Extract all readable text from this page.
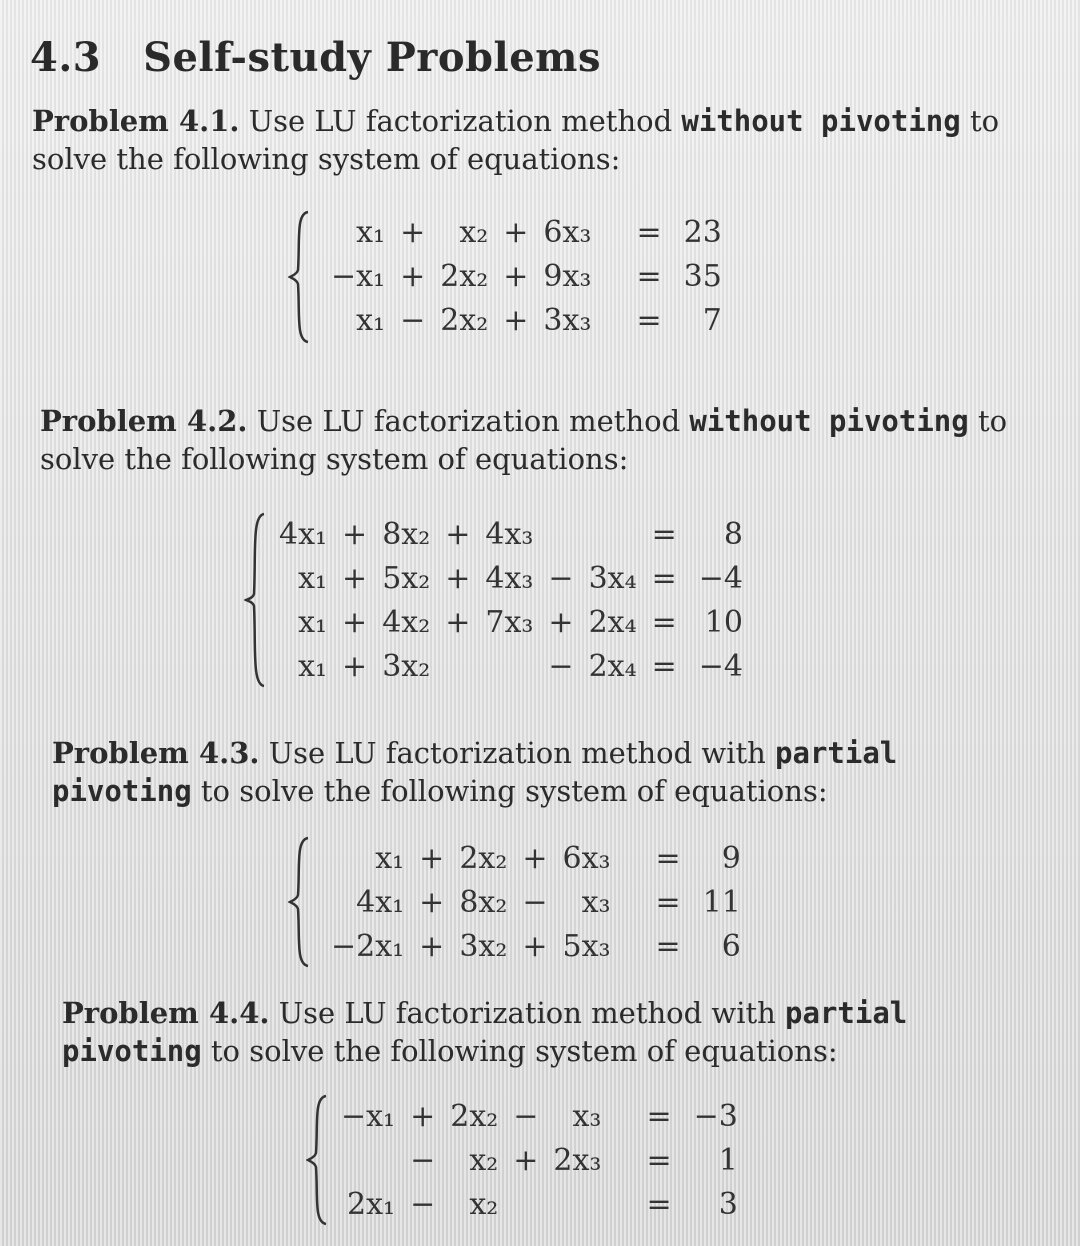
4.3 Self-study Problems
Problem 4.1. Use LU factorization method without pivoting to solve the following system of equations:
x₁	+	x₂	+	6x₃			=	23
−x₁	+	2x₂	+	9x₃			=	35
x₁	−	2x₂	+	3x₃			=	7
Problem 4.2. Use LU factorization method without pivoting to solve the following system of equations:
4x₁	+	8x₂	+	4x₃			=	8
x₁	+	5x₂	+	4x₃	−	3x₄	=	−4
x₁	+	4x₂	+	7x₃	+	2x₄	=	10
x₁	+	3x₂			−	2x₄	=	−4
Problem 4.3. Use LU factorization method with partial pivoting to solve the following system of equations:
x₁	+	2x₂	+	6x₃			=	9
4x₁	+	8x₂	−	x₃			=	11
−2x₁	+	3x₂	+	5x₃			=	6
Problem 4.4. Use LU factorization method with partial pivoting to solve the following system of equations:
−x₁	+	2x₂	−	x₃			=	−3
	−	x₂	+	2x₃			=	1
2x₁	−	x₂					=	3
